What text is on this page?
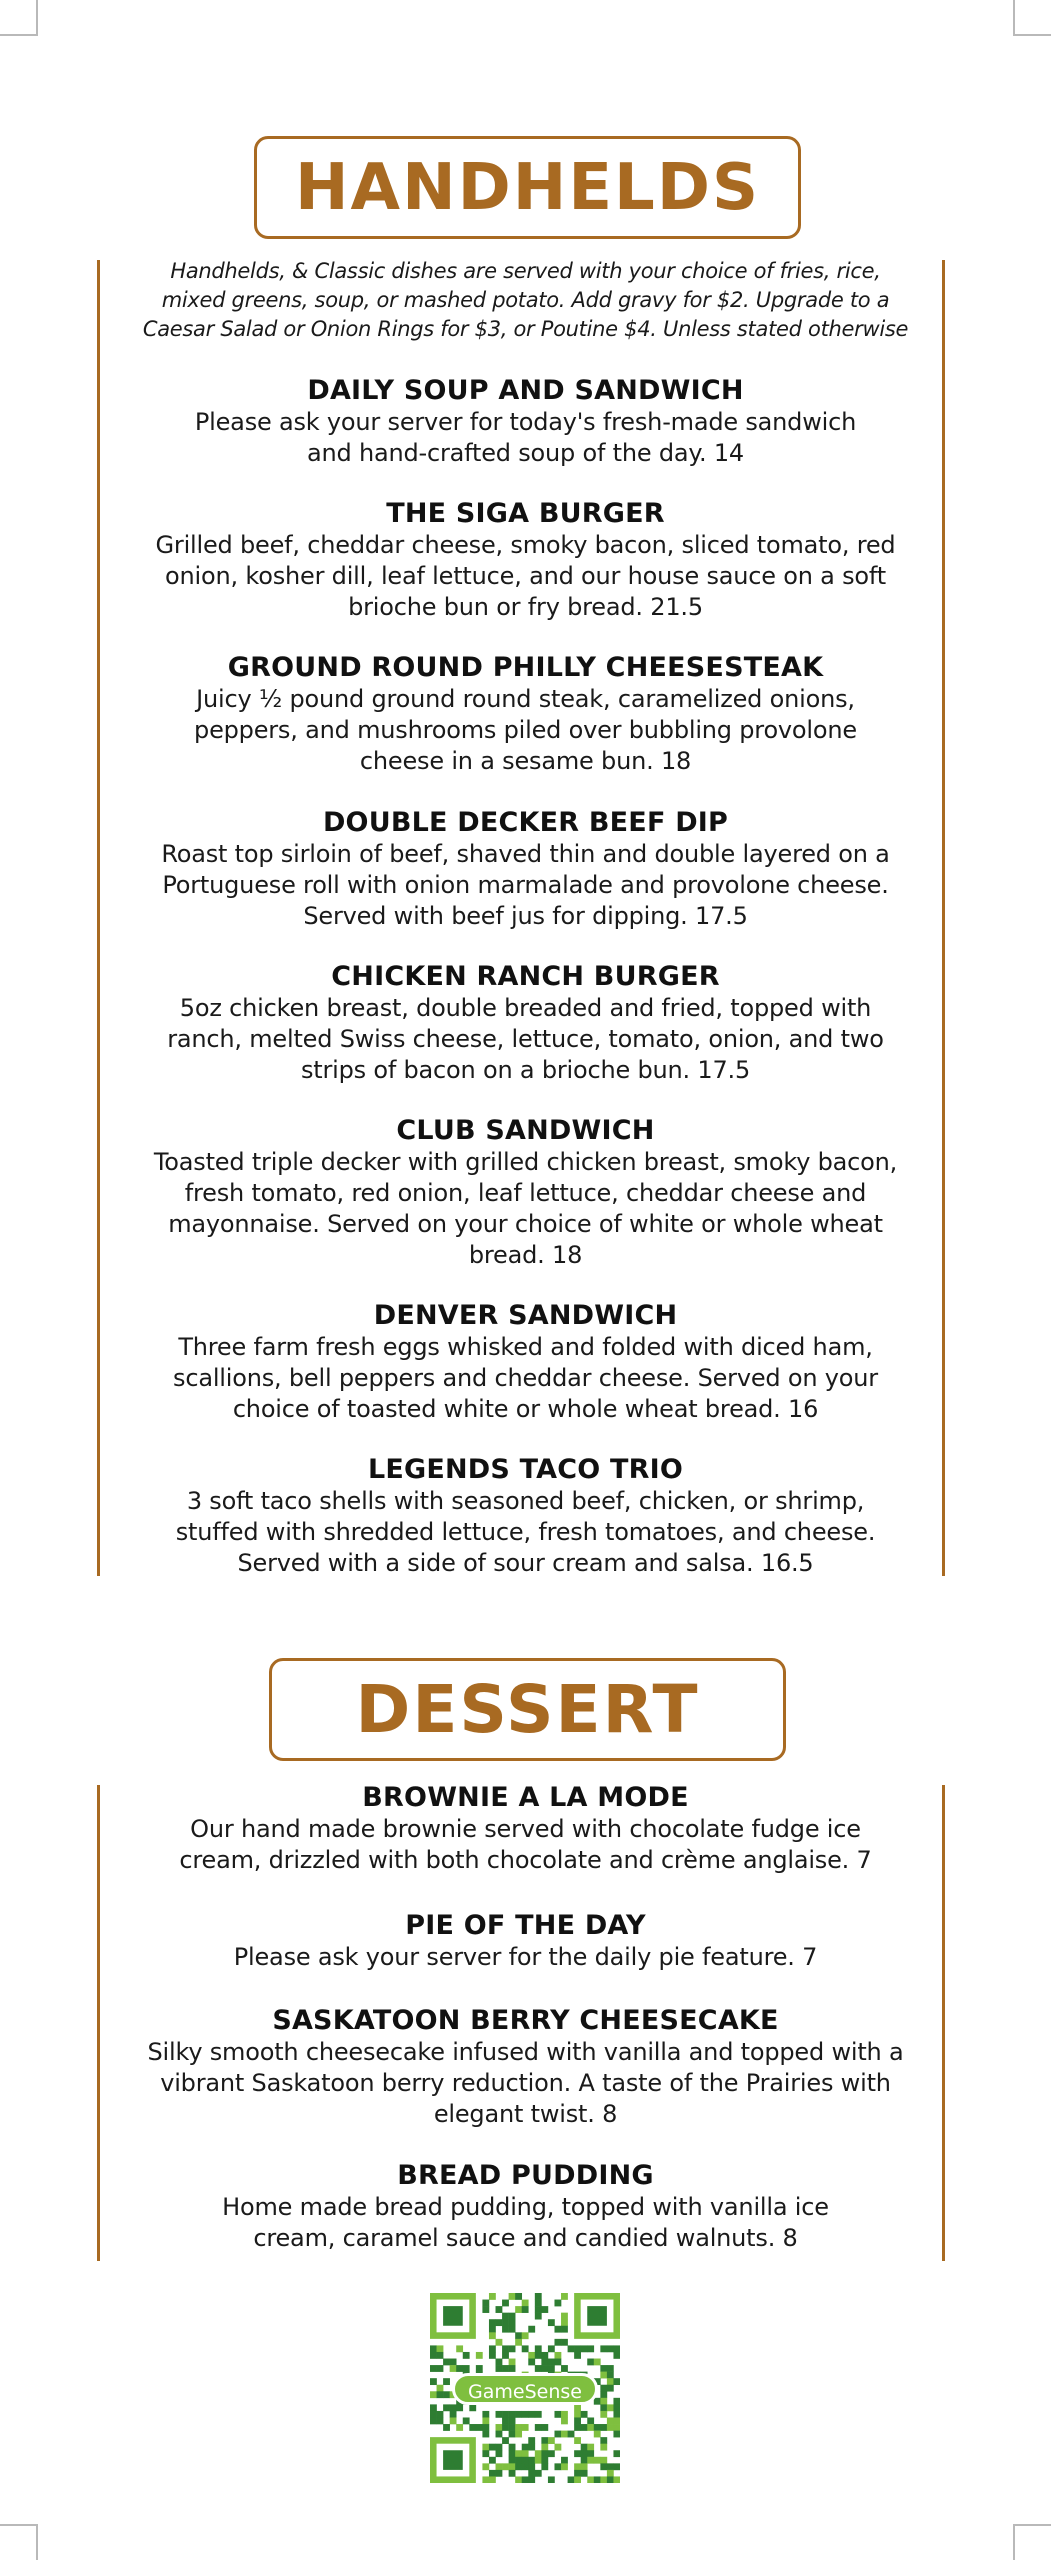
HANDHELDS
Handhelds, & Classic dishes are served with your choice of fries, rice, mixed greens, soup, or mashed potato. Add gravy for $2. Upgrade to a Caesar Salad or Onion Rings for $3, or Poutine $4. Unless stated otherwise
DAILY SOUP AND SANDWICH
Please ask your server for today's fresh-made sandwich and hand-crafted soup of the day. 14
THE SIGA BURGER
Grilled beef, cheddar cheese, smoky bacon, sliced tomato, red onion, kosher dill, leaf lettuce, and our house sauce on a soft brioche bun or fry bread. 21.5
GROUND ROUND PHILLY CHEESESTEAK
Juicy ½ pound ground round steak, caramelized onions, peppers, and mushrooms piled over bubbling provolone cheese in a sesame bun. 18
DOUBLE DECKER BEEF DIP
Roast top sirloin of beef, shaved thin and double layered on a Portuguese roll with onion marmalade and provolone cheese. Served with beef jus for dipping. 17.5
CHICKEN RANCH BURGER
5oz chicken breast, double breaded and fried, topped with ranch, melted Swiss cheese, lettuce, tomato, onion, and two strips of bacon on a brioche bun. 17.5
CLUB SANDWICH
Toasted triple decker with grilled chicken breast, smoky bacon, fresh tomato, red onion, leaf lettuce, cheddar cheese and mayonnaise. Served on your choice of white or whole wheat bread. 18
DENVER SANDWICH
Three farm fresh eggs whisked and folded with diced ham, scallions, bell peppers and cheddar cheese. Served on your choice of toasted white or whole wheat bread. 16
LEGENDS TACO TRIO
3 soft taco shells with seasoned beef, chicken, or shrimp, stuffed with shredded lettuce, fresh tomatoes, and cheese. Served with a side of sour cream and salsa. 16.5
DESSERT
BROWNIE A LA MODE
Our hand made brownie served with chocolate fudge ice cream, drizzled with both chocolate and crème anglaise. 7
PIE OF THE DAY
Please ask your server for the daily pie feature. 7
SASKATOON BERRY CHEESECAKE
Silky smooth cheesecake infused with vanilla and topped with a vibrant Saskatoon berry reduction. A taste of the Prairies with elegant twist. 8
BREAD PUDDING
Home made bread pudding, topped with vanilla ice cream, caramel sauce and candied walnuts. 8
GameSense
